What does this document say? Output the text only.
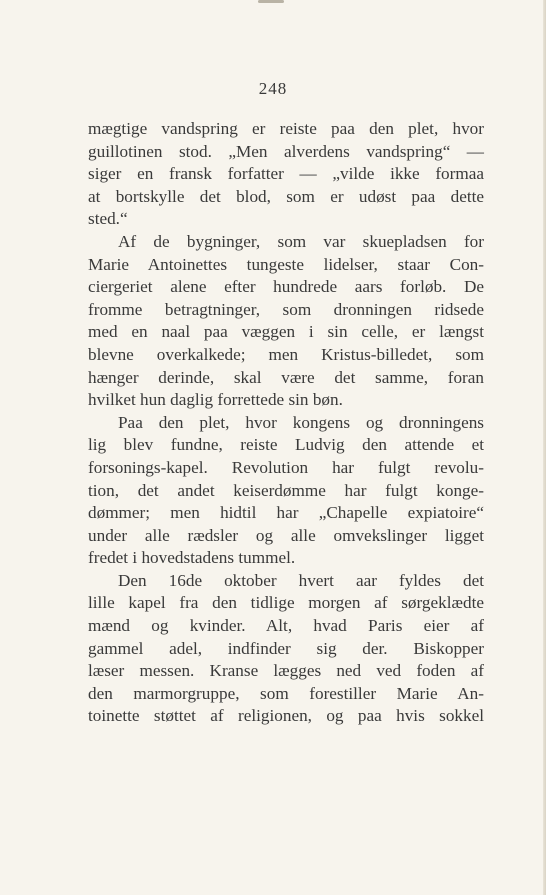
248
mægtige vandspring er reiste paa den plet, hvor
guillotinen stod. „Men alverdens vandspring“ —
siger en fransk forfatter — „vilde ikke formaa
at bortskylle det blod, som er udøst paa dette
sted.“
Af de bygninger, som var skuepladsen for
Marie Antoinettes tungeste lidelser, staar Con-
ciergeriet alene efter hundrede aars forløb. De
fromme betragtninger, som dronningen ridsede
med en naal paa væggen i sin celle, er længst
blevne overkalkede; men Kristus-billedet, som
hænger derinde, skal være det samme, foran
hvilket hun daglig forrettede sin bøn.
Paa den plet, hvor kongens og dronningens
lig blev fundne, reiste Ludvig den attende et
forsonings-kapel. Revolution har fulgt revolu-
tion, det andet keiserdømme har fulgt konge-
dømmer; men hidtil har „Chapelle expiatoire“
under alle rædsler og alle omvekslinger ligget
fredet i hovedstadens tummel.
Den 16de oktober hvert aar fyldes det
lille kapel fra den tidlige morgen af sørgeklædte
mænd og kvinder. Alt, hvad Paris eier af
gammel adel, indfinder sig der. Biskopper
læser messen. Kranse lægges ned ved foden af
den marmorgruppe, som forestiller Marie An-
toinette støttet af religionen, og paa hvis sokkel
